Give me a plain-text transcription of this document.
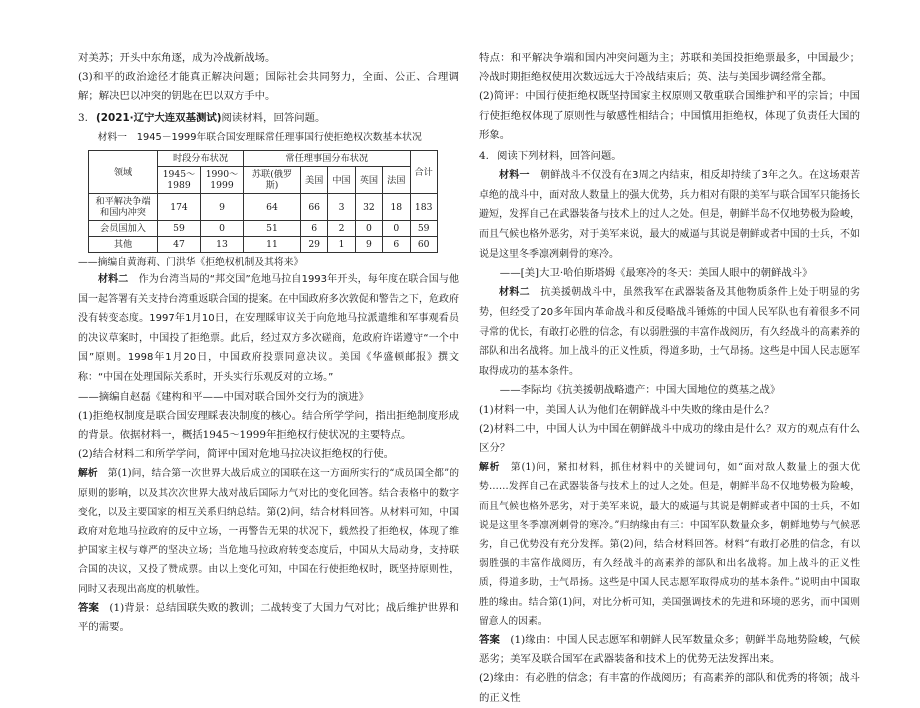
对美苏；开头中东角逐，成为冷战新战场。

(3)和平的政治途径才能真正解决问题；国际社会共同努力，全面、公正、合理调解；解决巴以冲突的钥匙在巴以双方手中。

3. (2021·辽宁大连双基测试)阅读材料，回答问题。

材料一　1945－1999年联合国安理睬常任理事国行使拒绝权次数基本状况

领域	时段分布状况		常任理事国分布状况					合计
	1945～1989	1990～1999	苏联(俄罗斯)	美国	中国	英国	法国	
和平解决争端和国内冲突	174	9	64	66	3	32	18	183
会员国加入	59	0	51	6	2	0	0	59
其他	47	13	11	29	1	9	6	60

——摘编自黄海莉、门洪华《拒绝权机制及其将来》

材料二　 作为台湾当局的“邦交国”危地马拉自1993年开头，每年度在联合国与他国一起答署有关支持台湾重返联合国的提案。在中国政府多次敦促和警告之下，危政府没有转变态度。1997年1月10日，在安理睬审议关于向危地马拉派遣维和军事观看员的决议草案时，中国投了拒绝票。此后，经过双方多次磋商，危政府许诺遵守“一个中国”原则。1998年1月20日，中国政府投票同意决议。美国《华盛顿邮报》撰文称：“中国在处理国际关系时，开头实行乐观反对的立场。”

——摘编自赵磊《建构和平——中国对联合国外交行为的演进》

(1)拒绝权制度是联合国安理睬表决制度的核心。结合所学学问，指出拒绝制度形成的背景。依据材料一，概括1945～1999年拒绝权行使状况的主要特点。

(2)结合材料二和所学学问，简评中国对危地马拉决议拒绝权的行使。

解析　 第(1)问，结合第一次世界大战后成立的国联在这一方面所实行的“成员国全都”的原则的影响，以及其次次世界大战对战后国际力气对比的变化回答。结合表格中的数字变化，以及主要国家的相互关系归纳总结。第(2)问，结合材料回答。从材料可知，中国政府对危地马拉政府的反中立场，一再警告无果的状况下，载然投了拒绝权，体现了维护国家主权与尊严的坚决立场；当危地马拉政府转变态度后，中国从大局动身，支持联合国的决议，又投了赞成票。由以上变化可知，中国在行使拒绝权时，既坚持原则性，同时又表现出高度的机敏性。

答案　 (1)背景：总结国联失败的教训；二战转变了大国力气对比；战后维护世界和平的需要。

特点：和平解决争端和国内冲突问题为主；苏联和美国投拒绝票最多，中国最少；冷战时期拒绝权使用次数远远大于冷战结束后；英、法与美国步调经常全都。

(2)简评：中国行使拒绝权既坚持国家主权原则又敬重联合国维护和平的宗旨；中国行使拒绝权体现了原则性与敏感性相结合；中国慎用拒绝权，体现了负责任大国的形象。

4. 阅读下列材料，回答问题。

材料一　 朝鲜战斗不仅没有在3周之内结束，相反却持续了3年之久。在这场艰苦卓绝的战斗中，面对敌人数量上的强大优势，兵力相对有限的美军与联合国军只能扬长避短，发挥自己在武器装备与技术上的过人之处。但是，朝鲜半岛不仅地势极为险峻，而且气候也格外恶劣，对于美军来说，最大的威逼与其说是朝鲜或者中国的士兵，不如说是这里冬季凛冽刺骨的寒冷。

——[美]大卫·哈伯斯塔姆《最寒冷的冬天：美国人眼中的朝鲜战斗》

材料二　 抗美援朝战斗中，虽然我军在武器装备及其他物质条件上处于明显的劣势，但经受了20多年国内革命战斗和反侵略战斗锤炼的中国人民军队也有着很多不同寻常的优长，有敢打必胜的信念，有以弱胜强的丰富作战阅历，有久经战斗的高素养的部队和出名战将。加上战斗的正义性质，得道多助，士气昂扬。这些是中国人民志愿军取得成功的基本条件。

——李际均《抗美援朝战略遗产：中国大国地位的奠基之战》

(1)材料一中，美国人认为他们在朝鲜战斗中失败的缘由是什么？

(2)材料二中，中国人认为中国在朝鲜战斗中成功的缘由是什么？双方的观点有什么区分？

解析　 第(1)问，紧扣材料，抓住材料中的关键词句，如“面对敌人数量上的强大优势……发挥自己在武器装备与技术上的过人之处。但是，朝鲜半岛不仅地势极为险峻，而且气候也格外恶劣，对于美军来说，最大的威逼与其说是朝鲜或者中国的士兵，不如说是这里冬季凛冽刺骨的寒冷。”归纳缘由有三：中国军队数量众多，朝鲜地势与气候恶劣，自己优势没有充分发挥。第(2)问，结合材料回答。材料“有敢打必胜的信念，有以弱胜强的丰富作战阅历，有久经战斗的高素养的部队和出名战将。加上战斗的正义性质，得道多助，士气昂扬。这些是中国人民志愿军取得成功的基本条件。”说明由中国取胜的缘由。结合第(1)问，对比分析可知，美国强调技术的先进和环境的恶劣，而中国则留意人的因素。

答案　 (1)缘由：中国人民志愿军和朝鲜人民军数量众多；朝鲜半岛地势险峻，气候恶劣；美军及联合国军在武器装备和技术上的优势无法发挥出来。

(2)缘由：有必胜的信念；有丰富的作战阅历；有高素养的部队和优秀的将领；战斗的正义性
